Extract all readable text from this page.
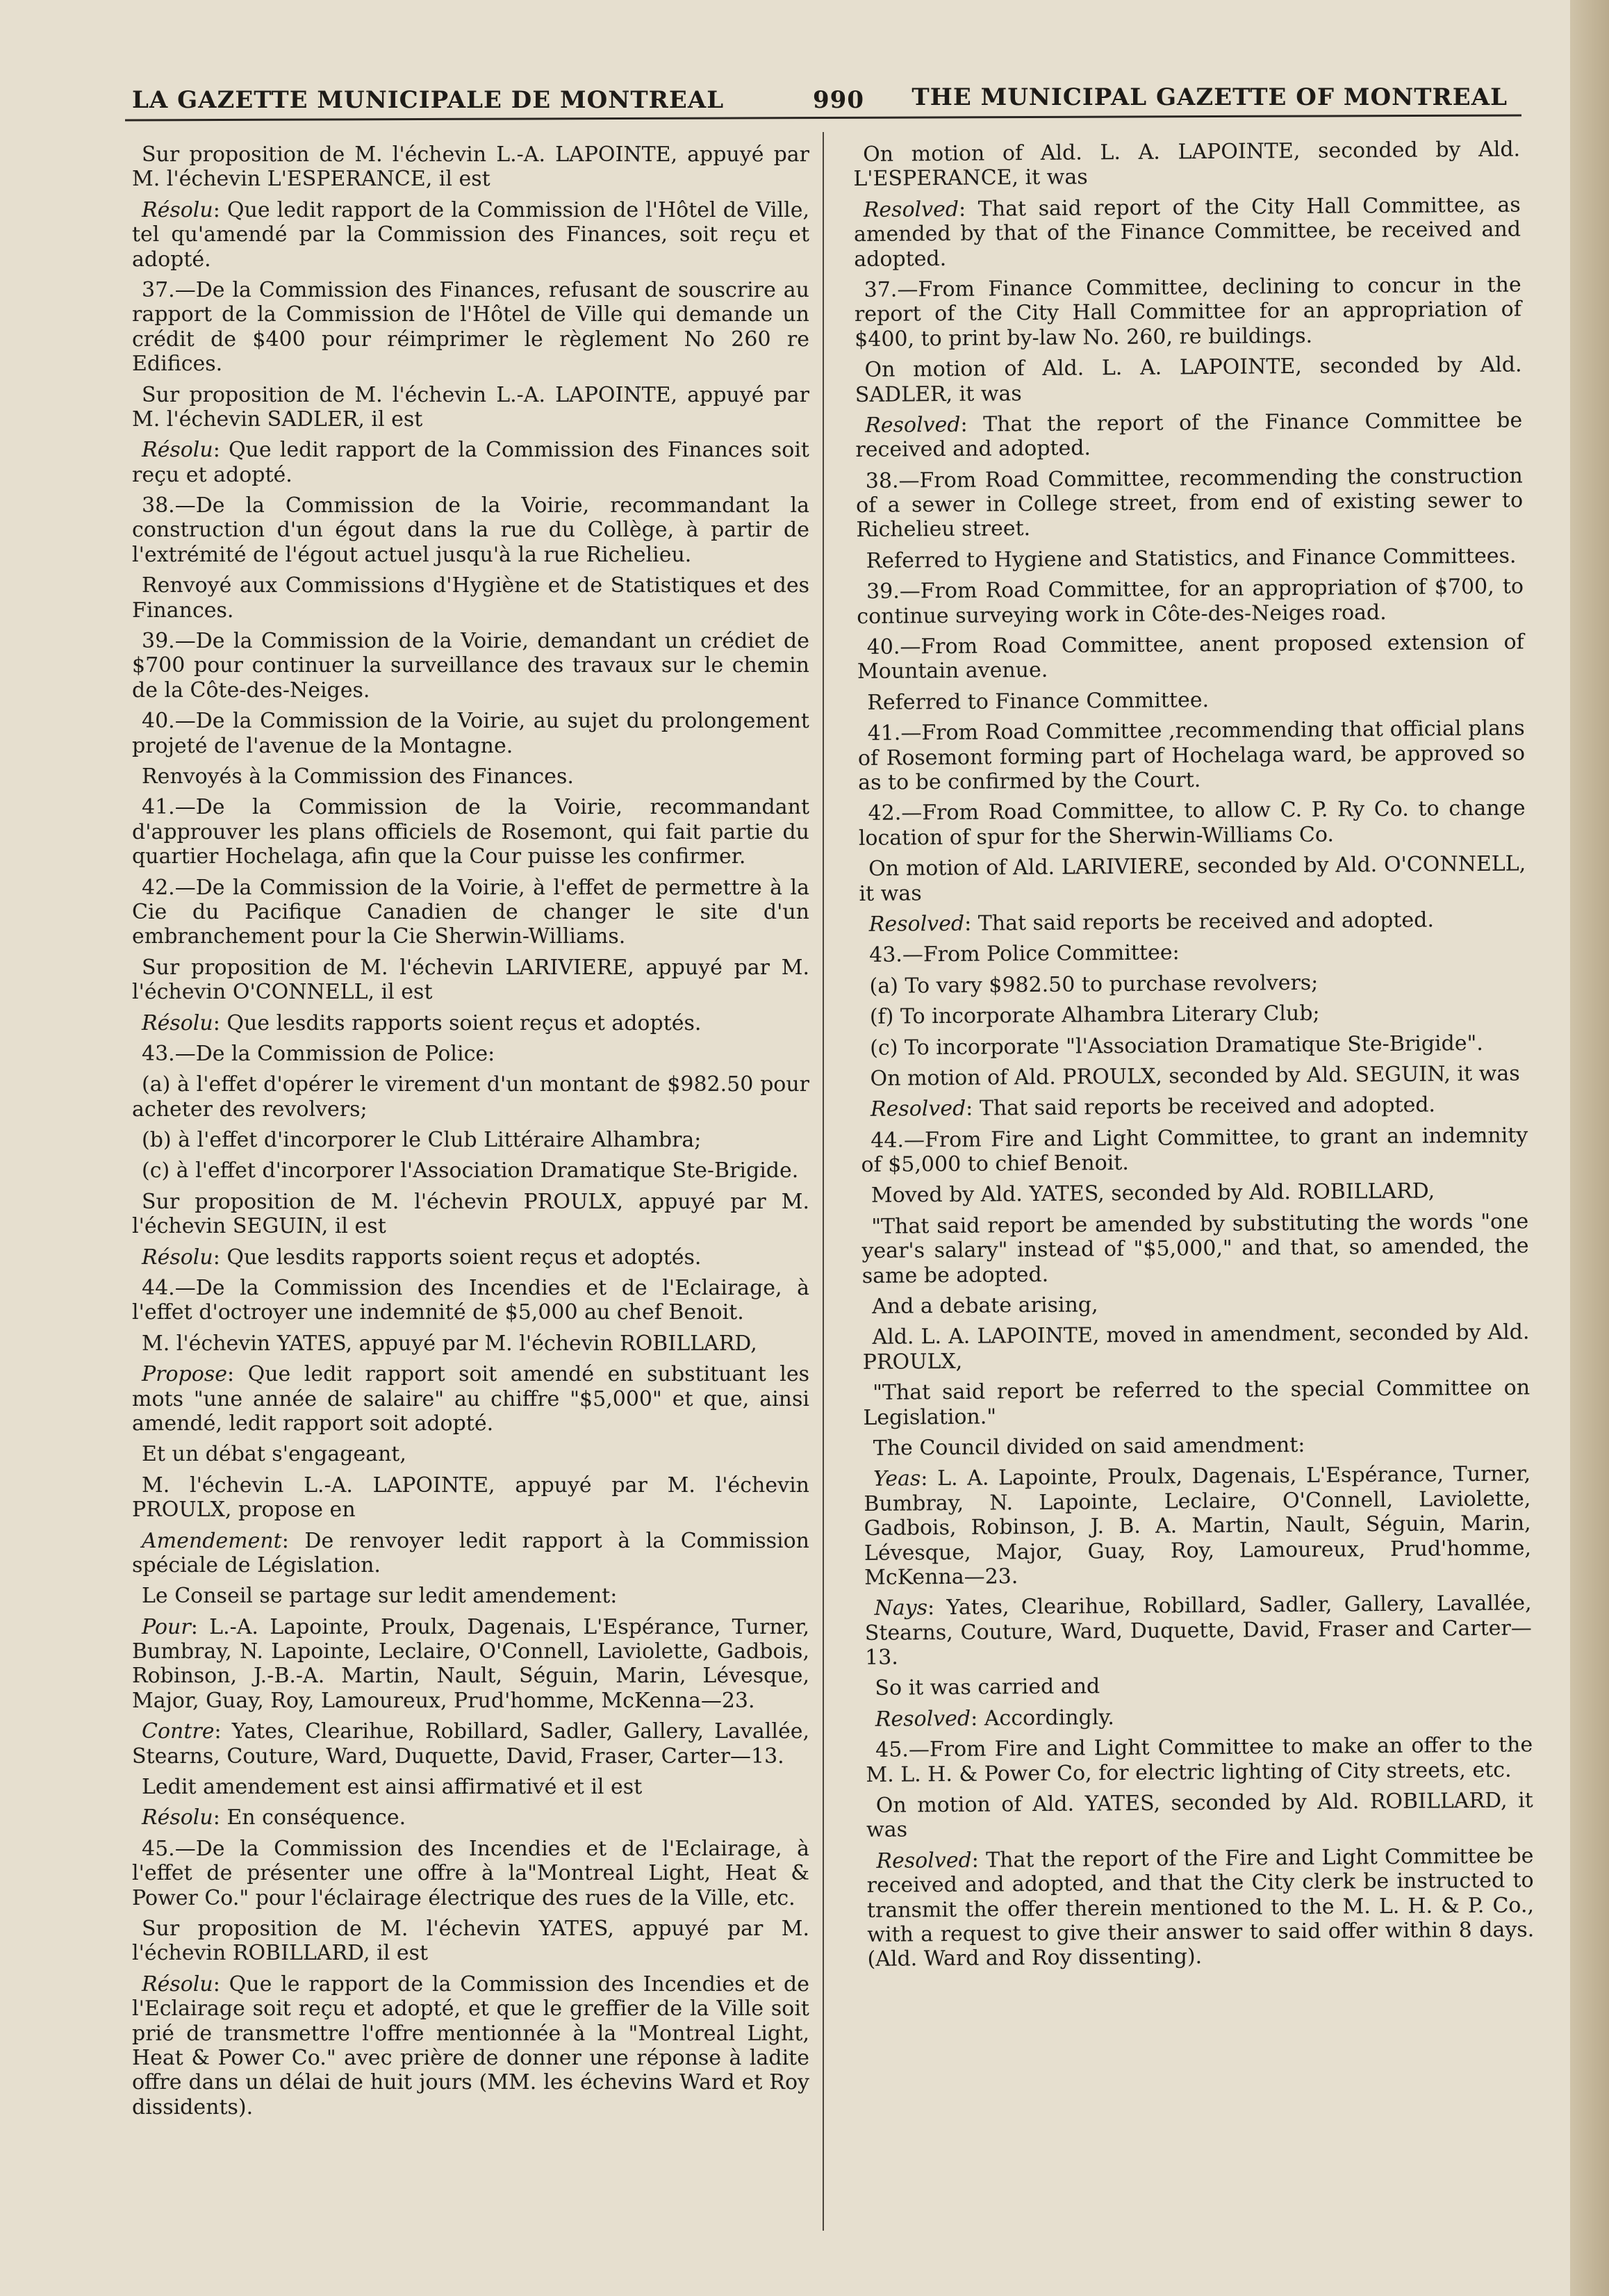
LA GAZETTE MUNICIPALE DE MONTREAL	990 THE MUNICIPAL GAZETTE OF MONTREAL

Sur proposition de M. l'échevin L.-A. LAPOINTE, appuyé par M. l'échevin L'ESPERANCE, il est

Résolu: Que ledit rapport de la Commission de l'Hôtel de Ville, tel qu'amendé par la Commission des Finances, soit reçu et adopté.

37.—De la Commission des Finances, refusant de souscrire au rapport de la Commission de l'Hôtel de Ville qui demande un crédit de $400 pour réimprimer le règlement No 260 re Edifices.

Sur proposition de M. l'échevin L.-A. LAPOINTE, appuyé par M. l'échevin SADLER, il est

Résolu: Que ledit rapport de la Commission des Finances soit reçu et adopté.

38.—De la Commission de la Voirie, recommandant la construction d'un égout dans la rue du Collège, à partir de l'extrémité de l'égout actuel jusqu'à la rue Richelieu.

Renvoyé aux Commissions d'Hygiène et de Statistiques et des Finances.

39.—De la Commission de la Voirie, demandant un crédiet de $700 pour continuer la surveillance des travaux sur le chemin de la Côte-des-Neiges.

40.—De la Commission de la Voirie, au sujet du prolongement projeté de l'avenue de la Montagne.

Renvoyés à la Commission des Finances.

41.—De la Commission de la Voirie, recommandant d'approuver les plans officiels de Rosemont, qui fait partie du quartier Hochelaga, afin que la Cour puisse les confirmer.

42.—De la Commission de la Voirie, à l'effet de permettre à la Cie du Pacifique Canadien de changer le site d'un embranchement pour la Cie Sherwin-Williams.

Sur proposition de M. l'échevin LARIVIERE, appuyé par M. l'échevin O'CONNELL, il est

Résolu: Que lesdits rapports soient reçus et adoptés.

43.—De la Commission de Police:

(a) à l'effet d'opérer le virement d'un montant de $982.50 pour acheter des revolvers;

(b) à l'effet d'incorporer le Club Littéraire Alhambra;

(c) à l'effet d'incorporer l'Association Dramatique Ste-Brigide.

Sur proposition de M. l'échevin PROULX, appuyé par M. l'échevin SEGUIN, il est

Résolu: Que lesdits rapports soient reçus et adoptés.

44.—De la Commission des Incendies et de l'Eclairage, à l'effet d'octroyer une indemnité de $5,000 au chef Benoit.

M. l'échevin YATES, appuyé par M. l'échevin ROBILLARD,

Propose: Que ledit rapport soit amendé en substituant les mots "une année de salaire" au chiffre "$5,000" et que, ainsi amendé, ledit rapport soit adopté.

Et un débat s'engageant,

M. l'échevin L.-A. LAPOINTE, appuyé par M. l'échevin PROULX, propose en

Amendement: De renvoyer ledit rapport à la Commission spéciale de Législation.

Le Conseil se partage sur ledit amendement:

Pour: L.-A. Lapointe, Proulx, Dagenais, L'Espérance, Turner, Bumbray, N. Lapointe, Leclaire, O'Connell, Laviolette, Gadbois, Robinson, J.-B.-A. Martin, Nault, Séguin, Marin, Lévesque, Major, Guay, Roy, Lamoureux, Prud'homme, McKenna—23.

Contre: Yates, Clearihue, Robillard, Sadler, Gallery, Lavallée, Stearns, Couture, Ward, Duquette, David, Fraser, Carter—13.

Ledit amendement est ainsi affirmativé et il est

Résolu: En conséquence.

45.—De la Commission des Incendies et de l'Eclairage, à l'effet de présenter une offre à la"Montreal Light, Heat & Power Co." pour l'éclairage électrique des rues de la Ville, etc.

Sur proposition de M. l'échevin YATES, appuyé par M. l'échevin ROBILLARD, il est

Résolu: Que le rapport de la Commission des Incendies et de l'Eclairage soit reçu et adopté, et que le greffier de la Ville soit prié de transmettre l'offre mentionnée à la "Montreal Light, Heat & Power Co." avec prière de donner une réponse à ladite offre dans un délai de huit jours (MM. les échevins Ward et Roy dissidents).

On motion of Ald. L. A. LAPOINTE, seconded by Ald. L'ESPERANCE, it was

Resolved: That said report of the City Hall Committee, as amended by that of the Finance Committee, be received and adopted.

37.—From Finance Committee, declining to concur in the report of the City Hall Committee for an appropriation of $400, to print by-law No. 260, re buildings.

On motion of Ald. L. A. LAPOINTE, seconded by Ald. SADLER, it was

Resolved: That the report of the Finance Committee be received and adopted.

38.—From Road Committee, recommending the construction of a sewer in College street, from end of existing sewer to Richelieu street.

Referred to Hygiene and Statistics, and Finance Committees.

39.—From Road Committee, for an appropriation of $700, to continue surveying work in Côte-des-Neiges road.

40.—From Road Committee, anent proposed extension of Mountain avenue.

Referred to Finance Committee.

41.—From Road Committee ,recommending that official plans of Rosemont forming part of Hochelaga ward, be approved so as to be confirmed by the Court.

42.—From Road Committee, to allow C. P. Ry Co. to change location of spur for the Sherwin-Williams Co.

On motion of Ald. LARIVIERE, seconded by Ald. O'CONNELL, it was

Resolved: That said reports be received and adopted.

43.—From Police Committee:

(a) To vary $982.50 to purchase revolvers;

(f) To incorporate Alhambra Literary Club;

(c) To incorporate "l'Association Dramatique Ste-Brigide".

On motion of Ald. PROULX, seconded by Ald. SEGUIN, it was

Resolved: That said reports be received and adopted.

44.—From Fire and Light Committee, to grant an indemnity of $5,000 to chief Benoit.

Moved by Ald. YATES, seconded by Ald. ROBILLARD,

"That said report be amended by substituting the words "one year's salary" instead of "$5,000," and that, so amended, the same be adopted.

And a debate arising,

Ald. L. A. LAPOINTE, moved in amendment, seconded by Ald. PROULX,

"That said report be referred to the special Committee on Legislation."

The Council divided on said amendment:

Yeas: L. A. Lapointe, Proulx, Dagenais, L'Espérance, Turner, Bumbray, N. Lapointe, Leclaire, O'Connell, Laviolette, Gadbois, Robinson, J. B. A. Martin, Nault, Séguin, Marin, Lévesque, Major, Guay, Roy, Lamoureux, Prud'homme, McKenna—23.

Nays: Yates, Clearihue, Robillard, Sadler, Gallery, Lavallée, Stearns, Couture, Ward, Duquette, David, Fraser and Carter—13.

So it was carried and

Resolved: Accordingly.

45.—From Fire and Light Committee to make an offer to the M. L. H. & Power Co, for electric lighting of City streets, etc.

On motion of Ald. YATES, seconded by Ald. ROBILLARD, it was

Resolved: That the report of the Fire and Light Committee be received and adopted, and that the City clerk be instructed to transmit the offer therein mentioned to the M. L. H. & P. Co., with a request to give their answer to said offer within 8 days. (Ald. Ward and Roy dissenting).
